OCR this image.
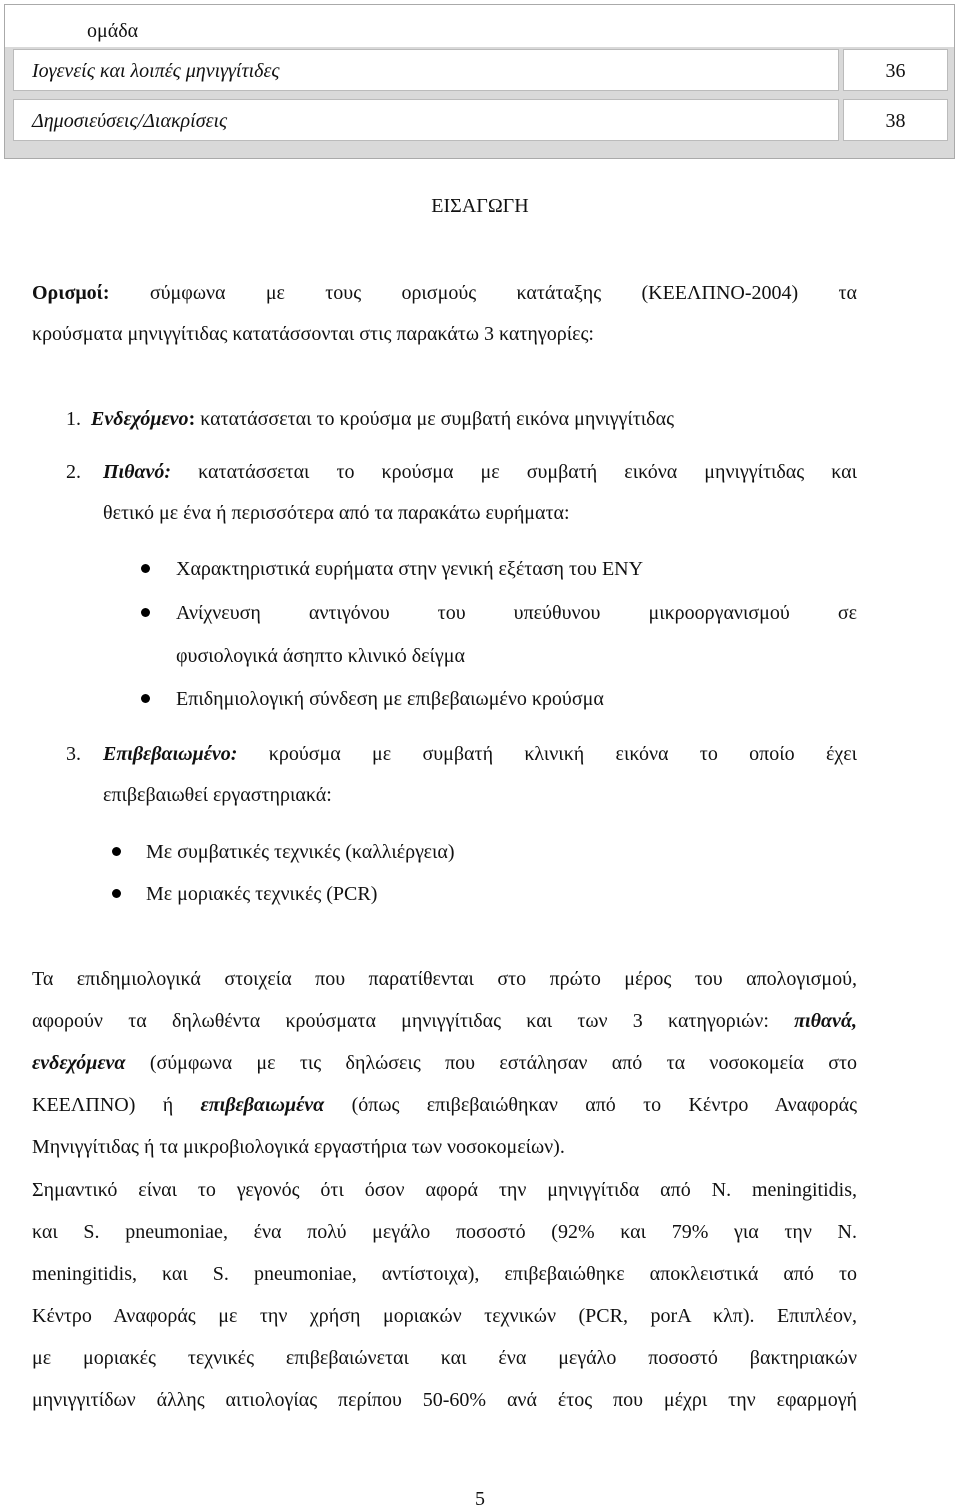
ομάδα
Ιογενείς και λοιπές μηνιγγίτιδες	36
Δημοσιεύσεις/Διακρίσεις	38
ΕΙΣΑΓΩΓΗ
Ορισμοί: σύμφωνα με τους ορισμούς κατάταξης (ΚΕΕΛΠΝΟ-2004) τα
κρούσματα μηνιγγίτιδας κατατάσσονται στις παρακάτω 3 κατηγορίες:
1. Ενδεχόμενο: κατατάσσεται το κρούσμα με συμβατή εικόνα μηνιγγίτιδας
2. Πιθανό: κατατάσσεται το κρούσμα με συμβατή εικόνα μηνιγγίτιδας και
θετικό με ένα ή περισσότερα από τα παρακάτω ευρήματα:
Χαρακτηριστικά ευρήματα στην γενική εξέταση του ΕΝΥ
Ανίχνευση αντιγόνου του υπεύθυνου μικροοργανισμού σε
φυσιολογικά άσηπτο κλινικό δείγμα
Επιδημιολογική σύνδεση με επιβεβαιωμένο κρούσμα
3. Επιβεβαιωμένο: κρούσμα με συμβατή κλινική εικόνα το οποίο έχει
επιβεβαιωθεί εργαστηριακά:
Με συμβατικές τεχνικές (καλλιέργεια)
Με μοριακές τεχνικές (PCR)
Τα επιδημιολογικά στοιχεία που παρατίθενται στο πρώτο μέρος του απολογισμού,
αφορούν τα δηλωθέντα κρούσματα μηνιγγίτιδας και των 3 κατηγοριών: πιθανά,
ενδεχόμενα (σύμφωνα με τις δηλώσεις που εστάλησαν από τα νοσοκομεία στο
ΚΕΕΛΠΝΟ) ή επιβεβαιωμένα (όπως επιβεβαιώθηκαν από το Κέντρο Αναφοράς
Μηνιγγίτιδας ή τα μικροβιολογικά εργαστήρια των νοσοκομείων).
Σημαντικό είναι το γεγονός ότι όσον αφορά την μηνιγγίτιδα από N. meningitidis,
και S. pneumoniae, ένα πολύ μεγάλο ποσοστό (92% και 79% για την N.
meningitidis, και S. pneumoniae, αντίστοιχα), επιβεβαιώθηκε αποκλειστικά από το
Κέντρο Αναφοράς με την χρήση μοριακών τεχνικών (PCR, porA κλπ). Επιπλέον,
με μοριακές τεχνικές επιβεβαιώνεται και ένα μεγάλο ποσοστό βακτηριακών
μηνιγγιτίδων άλλης αιτιολογίας περίπου 50-60% ανά έτος που μέχρι την εφαρμογή
5
